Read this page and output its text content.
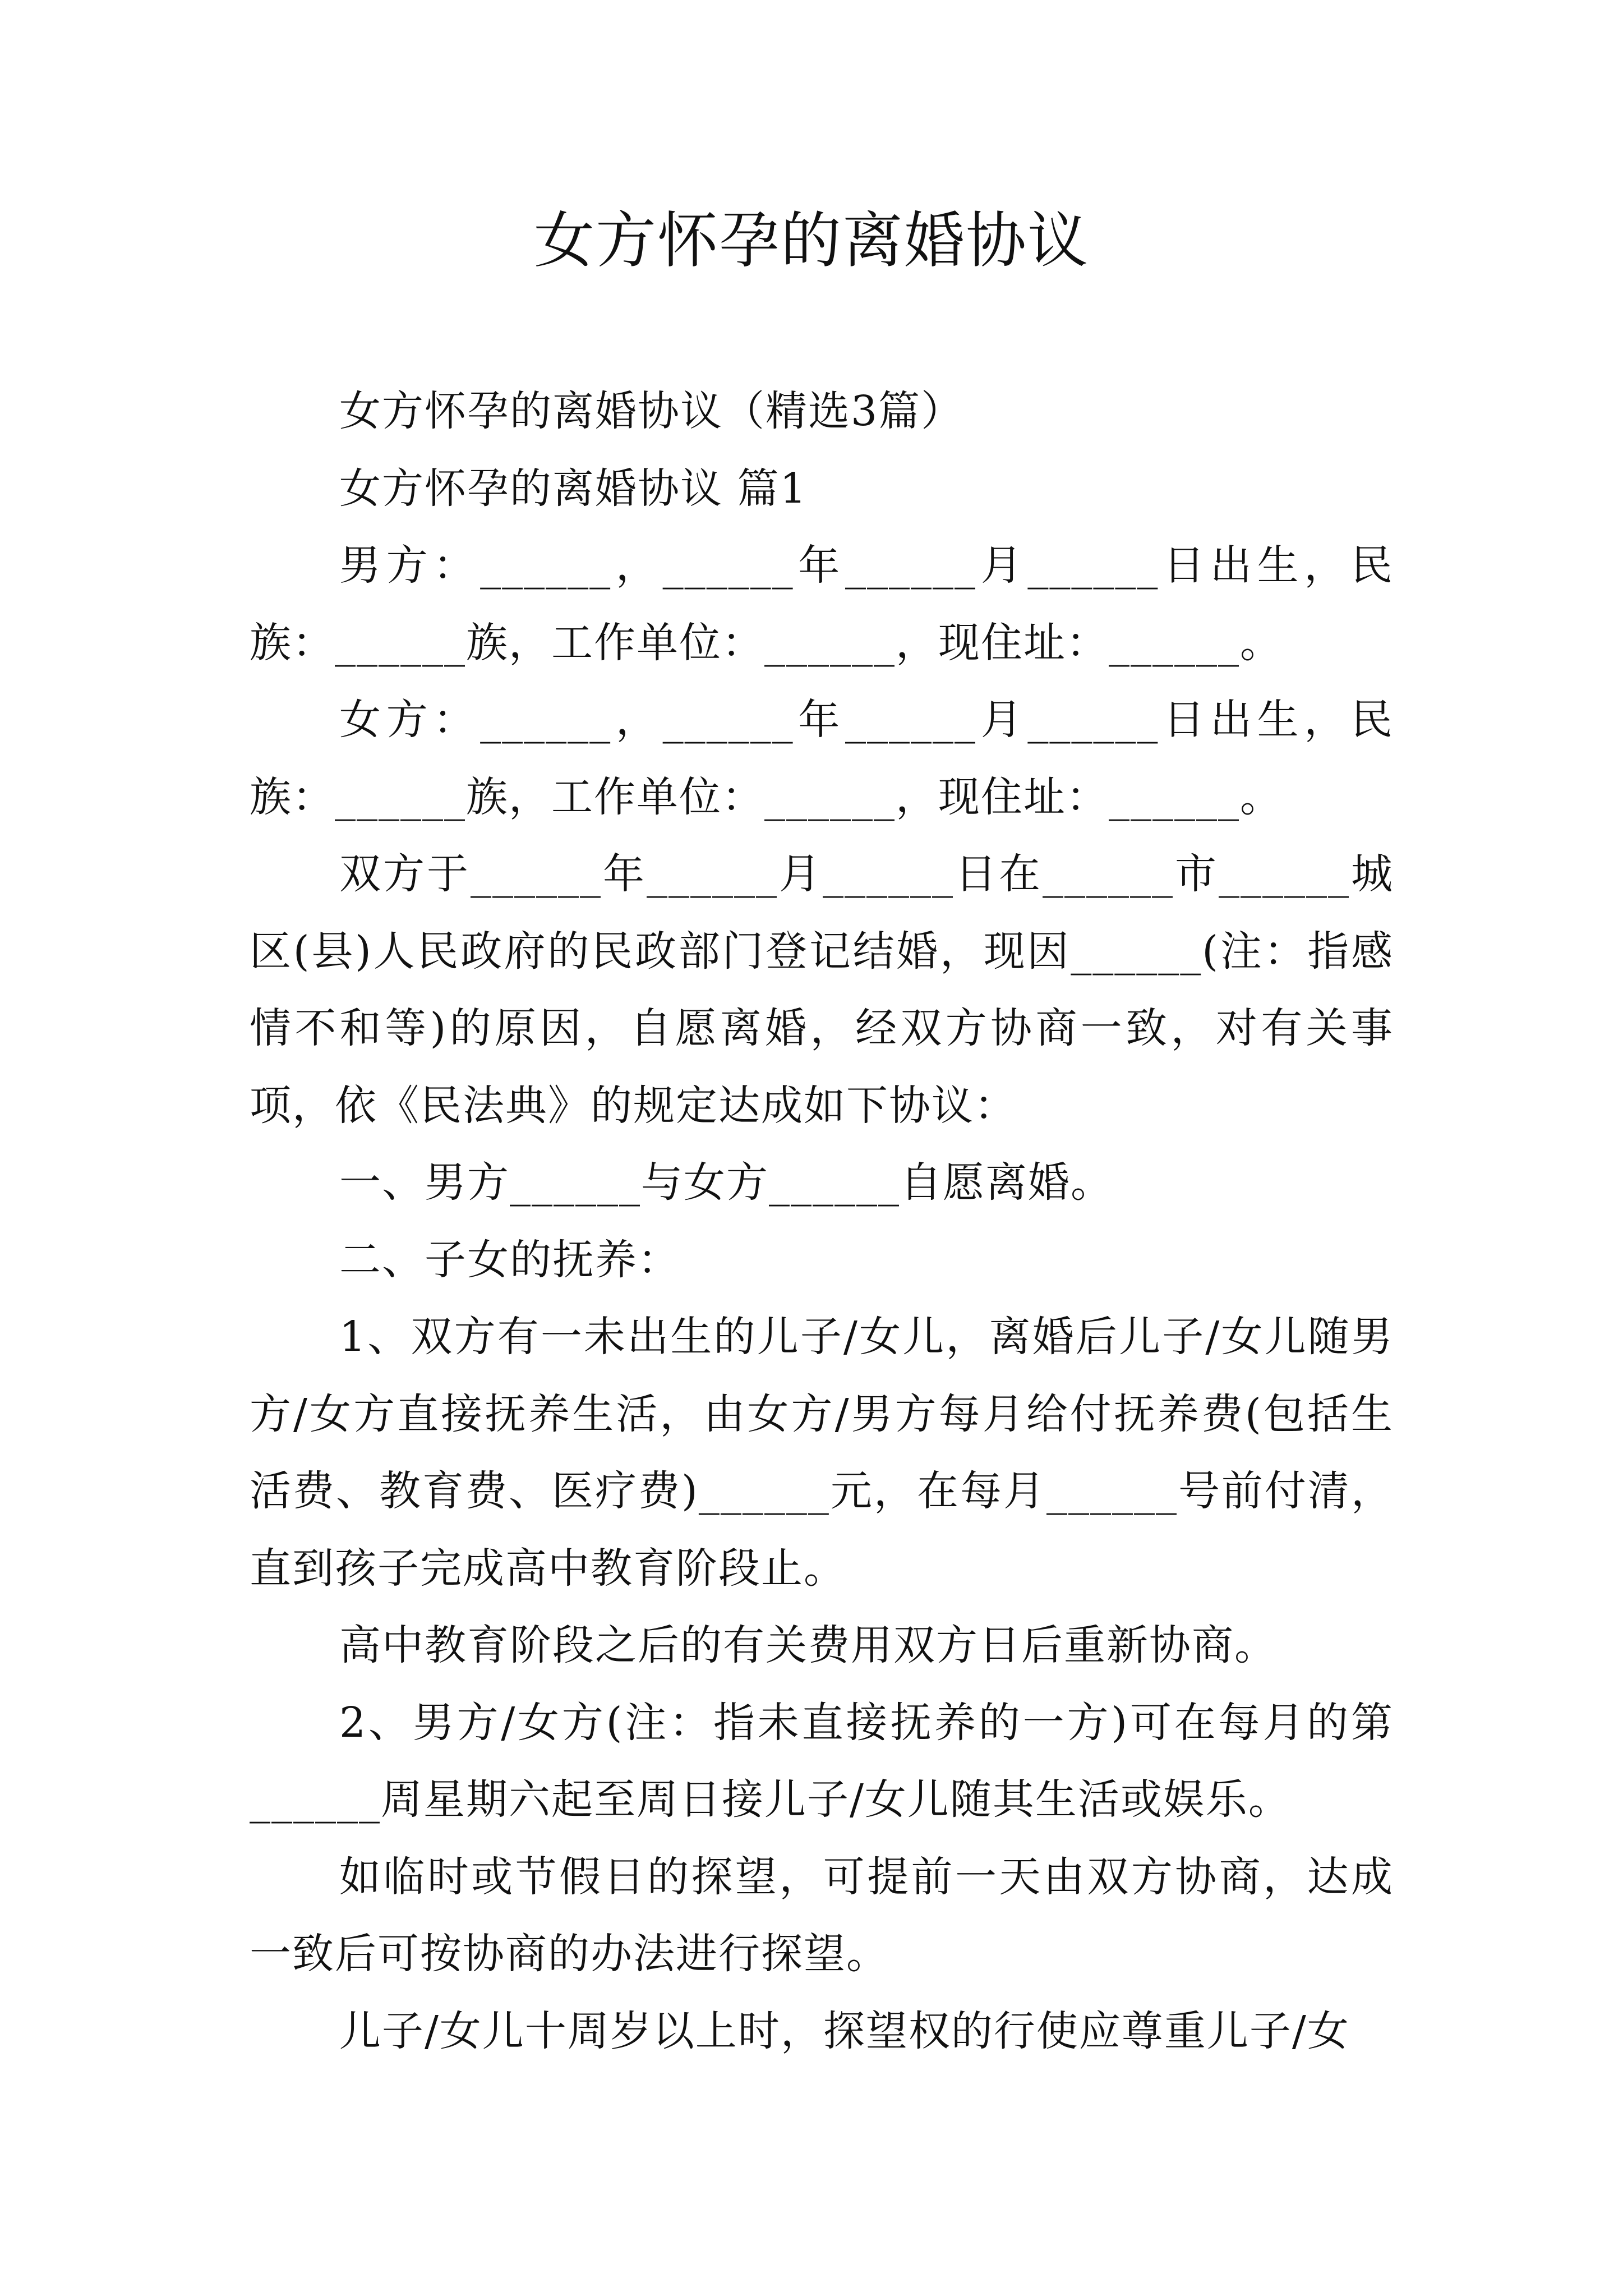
女方怀孕的离婚协议

女方怀孕的离婚协议（精选3篇）

女方怀孕的离婚协议 篇1

男方：______，______年______月______日出生，民族：______族，工作单位：______，现住址：______。

女方：______，______年______月______日出生，民族：______族，工作单位：______，现住址：______。

双方于______年______月______日在______市______城区(县)人民政府的民政部门登记结婚，现因______(注：指感情不和等)的原因，自愿离婚，经双方协商一致，对有关事项，依《民法典》的规定达成如下协议：

一、男方______与女方______自愿离婚。

二、子女的抚养：

1、双方有一未出生的儿子/女儿，离婚后儿子/女儿随男方/女方直接抚养生活，由女方/男方每月给付抚养费(包括生活费、教育费、医疗费)______元，在每月______号前付清，直到孩子完成高中教育阶段止。

高中教育阶段之后的有关费用双方日后重新协商。

2、男方/女方(注：指未直接抚养的一方)可在每月的第______周星期六起至周日接儿子/女儿随其生活或娱乐。

如临时或节假日的探望，可提前一天由双方协商，达成一致后可按协商的办法进行探望。

儿子/女儿十周岁以上时，探望权的行使应尊重儿子/女
